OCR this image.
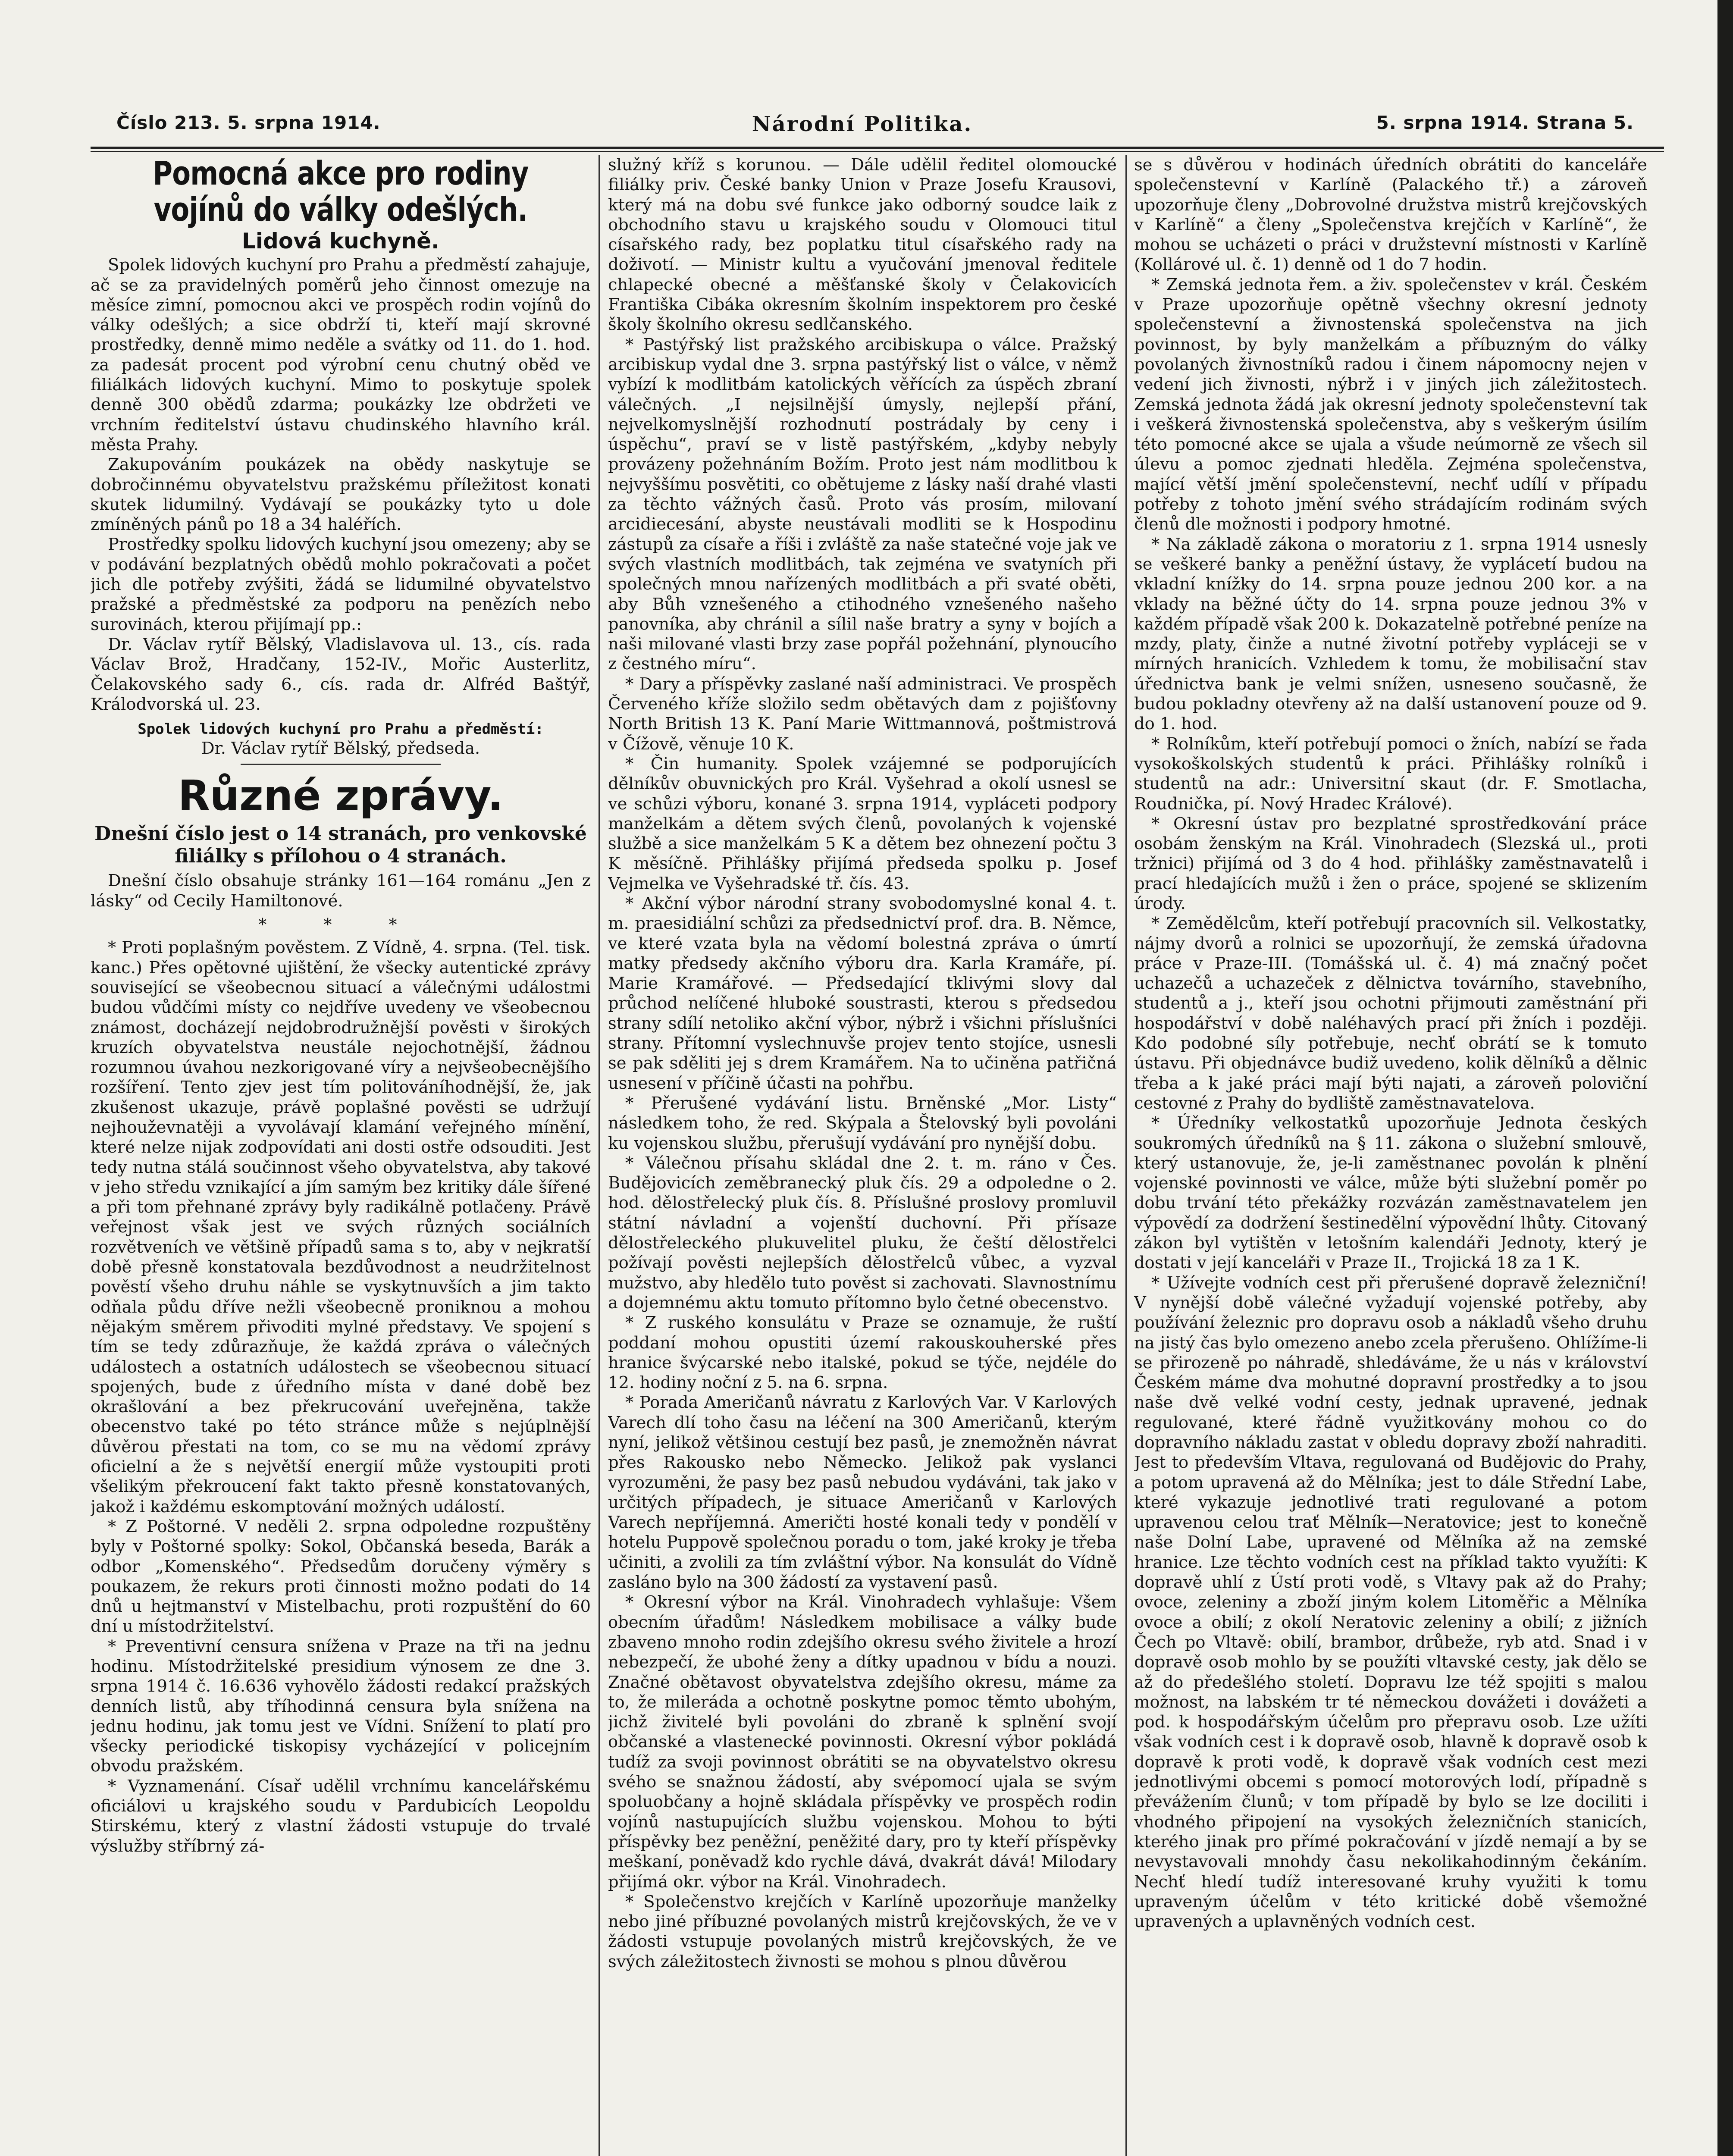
Číslo 213. 5. srpna 1914.	Národní Politika.	5. srpna 1914. Strana 5.
Pomocná akce pro rodiny vojínů do války odešlých.
Lidová kuchyně.

Spolek lidových kuchyní pro Prahu a předměstí zahajuje, ač se za pravidelných poměrů jeho činnost omezuje na měsíce zimní, pomocnou akci ve prospěch rodin vojínů do války odešlých; a sice obdrží ti, kteří mají skrovné prostředky, denně mimo neděle a svátky od 11. do 1. hod. za padesát procent pod výrobní cenu chutný oběd ve filiálkách lidových kuchyní. Mimo to poskytuje spolek denně 300 obědů zdarma; poukázky lze obdržeti ve vrchním ředitelství ústavu chudinského hlavního král. města Prahy.

Zakupováním poukázek na obědy naskytuje se dobročinnému obyvatelstvu pražskému příležitost konati skutek lidumilný. Vydávají se poukázky tyto u dole zmíněných pánů po 18 a 34 haléřích.

Prostředky spolku lidových kuchyní jsou omezeny; aby se v podávání bezplatných obědů mohlo pokračovati a počet jich dle potřeby zvýšiti, žádá se lidumilné obyvatelstvo pražské a předměstské za podporu na penězích nebo surovinách, kterou přijímají pp.:

Dr. Václav rytíř Bělský, Vladislavova ul. 13., cís. rada Václav Brož, Hradčany, 152-IV., Mořic Austerlitz, Čelakovského sady 6., cís. rada dr. Alfréd Baštýř, Králodvorská ul. 23.

Spolek lidových kuchyní pro Prahu a předměstí:
Dr. Václav rytíř Bělský, předseda.
Různé zprávy.
Dnešní číslo jest o 14 stranách, pro venkovské filiálky s přílohou o 4 stranách.

Dnešní číslo obsahuje stránky 161—164 románu „Jen z lásky“ od Cecily Hamiltonové.

* * *

* Proti poplašným pověstem. Z Vídně, 4. srpna. (Tel. tisk. kanc.) Přes opětovné ujištění, že všecky autentické zprávy související se všeobecnou situací a válečnými událostmi budou vůdčími místy co nejdříve uvedeny ve všeobecnou známost, docházejí nejdobrodružnější pověsti v širokých kruzích obyvatelstva neustále nejochotnější, žádnou rozumnou úvahou nezkorigované víry a nejvšeobecnějšího rozšíření. Tento zjev jest tím politováníhodnější, že, jak zkušenost ukazuje, právě poplašné pověsti se udržují nejhouževnatěji a vyvolávají klamání veřejného mínění, které nelze nijak zodpovídati ani dosti ostře odsouditi. Jest tedy nutna stálá součinnost všeho obyvatelstva, aby takové v jeho středu vznikající a jím samým bez kritiky dále šířené a při tom přehnané zprávy byly radikálně potlačeny. Právě veřejnost však jest ve svých různých sociálních rozvětveních ve většině případů sama s to, aby v nejkratší době přesně konstatovala bezdůvodnost a neudržitelnost pověstí všeho druhu náhle se vyskytnuvších a jim takto odňala půdu dříve nežli všeobecně proniknou a mohou nějakým směrem přivoditi mylné představy. Ve spojení s tím se tedy zdůrazňuje, že každá zpráva o válečných událostech a ostatních událostech se všeobecnou situací spojených, bude z úředního místa v dané době bez okrašlování a bez překrucování uveřejněna, takže obecenstvo také po této stránce může s nejúplnější důvěrou přestati na tom, co se mu na vědomí zprávy oficielní a že s největší energií může vystoupiti proti všelikým překroucení fakt takto přesně konstatovaných, jakož i každému eskomptování možných událostí.

* Z Poštorné. V neděli 2. srpna odpoledne rozpuštěny byly v Poštorné spolky: Sokol, Občanská beseda, Barák a odbor „Komenského“. Předsedům doručeny výměry s poukazem, že rekurs proti činnosti možno podati do 14 dnů u hejtmanství v Mistelbachu, proti rozpuštění do 60 dní u místodržitelství.

* Preventivní censura snížena v Praze na tři na jednu hodinu. Místodržitelské presidium výnosem ze dne 3. srpna 1914 č. 16.636 vyhovělo žádosti redakcí pražských denních listů, aby tříhodinná censura byla snížena na jednu hodinu, jak tomu jest ve Vídni. Snížení to platí pro všecky periodické tiskopisy vycházející v policejním obvodu pražském.

* Vyznamenání. Císař udělil vrchnímu kancelářskému oficiálovi u krajského soudu v Pardubicích Leopoldu Stirskému, který z vlastní žádosti vstupuje do trvalé výslužby stříbrný zá-

služný kříž s korunou. — Dále udělil ředitel olomoucké filiálky priv. České banky Union v Praze Josefu Krausovi, který má na dobu své funkce jako odborný soudce laik z obchodního stavu u krajského soudu v Olomouci titul císařského rady, bez poplatku titul císařského rady na doživotí. — Ministr kultu a vyučování jmenoval ředitele chlapecké obecné a měšťanské školy v Čelakovicích Františka Cibáka okresním školním inspektorem pro české školy školního okresu sedlčanského.

* Pastýřský list pražského arcibiskupa o válce. Pražský arcibiskup vydal dne 3. srpna pastýřský list o válce, v němž vybízí k modlitbám katolických věřících za úspěch zbraní válečných. „I nejsilnější úmysly, nejlepší přání, nejvelkomyslnější rozhodnutí postrádaly by ceny i úspěchu“, praví se v listě pastýřském, „kdyby nebyly provázeny požehnáním Božím. Proto jest nám modlitbou k nejvyššímu posvětiti, co obětujeme z lásky naší drahé vlasti za těchto vážných časů. Proto vás prosím, milovaní arcidiecesání, abyste neustávali modliti se k Hospodinu zástupů za císaře a říši i zvláště za naše statečné voje jak ve svých vlastních modlitbách, tak zejména ve svatyních při společných mnou nařízených modlitbách a při svaté oběti, aby Bůh vznešeného a ctihodného vznešeného našeho panovníka, aby chránil a sílil naše bratry a syny v bojích a naši milované vlasti brzy zase popřál požehnání, plynoucího z čestného míru“.

* Dary a příspěvky zaslané naší administraci. Ve prospěch Červeného kříže složilo sedm obětavých dam z pojišťovny North British 13 K. Paní Marie Wittmannová, poštmistrová v Čížově, věnuje 10 K.

* Čin humanity. Spolek vzájemné se podporujících dělníkův obuvnických pro Král. Vyšehrad a okolí usnesl se ve schůzi výboru, konané 3. srpna 1914, vypláceti podpory manželkám a dětem svých členů, povolaných k vojenské službě a sice manželkám 5 K a dětem bez ohnezení počtu 3 K měsíčně. Přihlášky přijímá předseda spolku p. Josef Vejmelka ve Vyšehradské tř. čís. 43.

* Akční výbor národní strany svobodomyslné konal 4. t. m. praesidiální schůzi za předsednictví prof. dra. B. Němce, ve které vzata byla na vědomí bolestná zpráva o úmrtí matky předsedy akčního výboru dra. Karla Kramáře, pí. Marie Kramářové. — Předsedající tklivými slovy dal průchod nelíčené hluboké soustrasti, kterou s předsedou strany sdílí netoliko akční výbor, nýbrž i všichni příslušníci strany. Přítomní vyslechnuvše projev tento stojíce, usnesli se pak sděliti jej s drem Kramářem. Na to učiněna patřičná usnesení v příčině účasti na pohřbu.

* Přerušené vydávání listu. Brněnské „Mor. Listy“ následkem toho, že red. Skýpala a Štelovský byli povoláni ku vojenskou službu, přerušují vydávání pro nynější dobu.

* Válečnou přísahu skládal dne 2. t. m. ráno v Čes. Budějovicích zeměbranecký pluk čís. 29 a odpoledne o 2. hod. dělostřelecký pluk čís. 8. Příslušné proslovy promluvil státní návladní a vojenští duchovní. Při přísaze dělostřeleckého plukuvelitel pluku, že čeští dělostřelci požívají pověsti nejlepších dělostřelců vůbec, a vyzval mužstvo, aby hledělo tuto pověst si zachovati. Slavnostnímu a dojemnému aktu tomuto přítomno bylo četné obecenstvo.

* Z ruského konsulátu v Praze se oznamuje, že ruští poddaní mohou opustiti území rakouskouherské přes hranice švýcarské nebo italské, pokud se týče, nejdéle do 12. hodiny noční z 5. na 6. srpna.

* Porada Američanů návratu z Karlových Var. V Karlových Varech dlí toho času na léčení na 300 Američanů, kterým nyní, jelikož většinou cestují bez pasů, je znemožněn návrat přes Rakousko nebo Německo. Jelikož pak vyslanci vyrozuměni, že pasy bez pasů nebudou vydáváni, tak jako v určitých případech, je situace Američanů v Karlových Varech nepříjemná. Američti hosté konali tedy v pondělí v hotelu Puppově společnou poradu o tom, jaké kroky je třeba učiniti, a zvolili za tím zvláštní výbor. Na konsulát do Vídně zasláno bylo na 300 žádostí za vystavení pasů.

* Okresní výbor na Král. Vinohradech vyhlašuje: Všem obecním úřadům! Následkem mobilisace a války bude zbaveno mnoho rodin zdejšího okresu svého živitele a hrozí nebezpečí, že ubohé ženy a dítky upadnou v bídu a nouzi. Značné obětavost obyvatelstva zdejšího okresu, máme za to, že mileráda a ochotně poskytne pomoc těmto ubohým, jichž živitelé byli povoláni do zbraně k splnění svojí občanské a vlastenecké povinnosti. Okresní výbor pokládá tudíž za svoji povinnost obrátiti se na obyvatelstvo okresu svého se snažnou žádostí, aby svépomocí ujala se svým spoluobčany a hojně skládala příspěvky ve prospěch rodin vojínů nastupujících službu vojenskou. Mohou to býti příspěvky bez peněžní, peněžité dary, pro ty kteří příspěvky meškaní, poněvadž kdo rychle dává, dvakrát dává! Milodary přijímá okr. výbor na Král. Vinohradech.

* Společenstvo krejčích v Karlíně upozorňuje manželky nebo jiné příbuzné povolaných mistrů krejčovských, že ve v žádosti vstupuje povolaných mistrů krejčovských, že ve svých záležitostech živnosti se mohou s plnou důvěrou

se s důvěrou v hodinách úředních obrátiti do kanceláře společenstevní v Karlíně (Palackého tř.) a zároveň upozorňuje členy „Dobrovolné družstva mistrů krejčovských v Karlíně“ a členy „Společenstva krejčích v Karlíně“, že mohou se ucházeti o práci v družstevní místnosti v Karlíně (Kollárové ul. č. 1) denně od 1 do 7 hodin.

* Zemská jednota řem. a živ. společenstev v král. Českém v Praze upozorňuje opětně všechny okresní jednoty společenstevní a živnostenská společenstva na jich povinnost, by byly manželkám a příbuzným do války povolaných živnostníků radou i činem nápomocny nejen v vedení jich živnosti, nýbrž i v jiných jich záležitostech. Zemská jednota žádá jak okresní jednoty společenstevní tak i veškerá živnostenská společenstva, aby s veškerým úsilím této pomocné akce se ujala a všude neúmorně ze všech sil úlevu a pomoc zjednati hleděla. Zejména společenstva, mající větší jmění společenstevní, nechť udílí v případu potřeby z tohoto jmění svého strádajícím rodinám svých členů dle možnosti i podpory hmotné.

* Na základě zákona o moratoriu z 1. srpna 1914 usnesly se veškeré banky a peněžní ústavy, že vyplácetí budou na vkladní knížky do 14. srpna pouze jednou 200 kor. a na vklady na běžné účty do 14. srpna pouze jednou 3% v každém případě však 200 k. Dokazatelně potřebné peníze na mzdy, platy, činže a nutné životní potřeby vypláceji se v mírných hranicích. Vzhledem k tomu, že mobilisační stav úřednictva bank je velmi snížen, usneseno současně, že budou pokladny otevřeny až na další ustanovení pouze od 9. do 1. hod.

* Rolníkům, kteří potřebují pomoci o žních, nabízí se řada vysokoškolských studentů k práci. Přihlášky rolníků i studentů na adr.: Universitní skaut (dr. F. Smotlacha, Roudnička, pí. Nový Hradec Králové).

* Okresní ústav pro bezplatné sprostředkování práce osobám ženským na Král. Vinohradech (Slezská ul., proti tržnici) přijímá od 3 do 4 hod. přihlášky zaměstnavatelů i prací hledajících mužů i žen o práce, spojené se sklizením úrody.

* Zemědělcům, kteří potřebují pracovních sil. Velkostatky, nájmy dvorů a rolnici se upozorňují, že zemská úřadovna práce v Praze-III. (Tomášská ul. č. 4) má značný počet uchazečů a uchazeček z dělnictva továrního, stavebního, studentů a j., kteří jsou ochotni přijmouti zaměstnání při hospodářství v době naléhavých prací při žních i později. Kdo podobné síly potřebuje, nechť obrátí se k tomuto ústavu. Při objednávce budiž uvedeno, kolik dělníků a dělnic třeba a k jaké práci mají býti najati, a zároveň poloviční cestovné z Prahy do bydliště zaměstnavatelova.

* Úředníky velkostatků upozorňuje Jednota českých soukromých úředníků na § 11. zákona o služební smlouvě, který ustanovuje, že, je-li zaměstnanec povolán k plnění vojenské povinnosti ve válce, může býti služební poměr po dobu trvání této překážky rozvázán zaměstnavatelem jen výpovědí za dodržení šestinedělní výpovědní lhůty. Citovaný zákon byl vytištěn v letošním kalendáři Jednoty, který je dostati v její kanceláři v Praze II., Trojická 18 za 1 K.

* Užívejte vodních cest při přerušené dopravě železniční! V nynější době válečné vyžadují vojenské potřeby, aby používání železnic pro dopravu osob a nákladů všeho druhu na jistý čas bylo omezeno anebo zcela přerušeno. Ohlížíme-li se přirozeně po náhradě, shledáváme, že u nás v království Českém máme dva mohutné dopravní prostředky a to jsou naše dvě velké vodní cesty, jednak upravené, jednak regulované, které řádně využitkovány mohou co do dopravního nákladu zastat v obledu dopravy zboží nahraditi. Jest to především Vltava, regulovaná od Budějovic do Prahy, a potom upravená až do Mělníka; jest to dále Střední Labe, které vykazuje jednotlivé trati regulované a potom upravenou celou trať Mělník—Neratovice; jest to konečně naše Dolní Labe, upravené od Mělníka až na zemské hranice. Lze těchto vodních cest na příklad takto využíti: K dopravě uhlí z Ústí proti vodě, s Vltavy pak až do Prahy; ovoce, zeleniny a zboží jiným kolem Litoměřic a Mělníka ovoce a obilí; z okolí Neratovic zeleniny a obilí; z jižních Čech po Vltavě: obilí, brambor, drůbeže, ryb atd. Snad i v dopravě osob mohlo by se použíti vltavské cesty, jak dělo se až do předešlého století. Dopravu lze též spojiti s malou možnost, na labském tr té německou dovážeti i dovážeti a pod. k hospodářským účelům pro přepravu osob. Lze užíti však vodních cest i k dopravě osob, hlavně k dopravě osob k dopravě k proti vodě, k dopravě však vodních cest mezi jednotlivými obcemi s pomocí motorových lodí, případně s převážením člunů; v tom případě by bylo se lze dociliti i vhodného připojení na vysokých železničních stanicích, kterého jinak pro přímé pokračování v jízdě nemají a by se nevystavovali mnohdy času nekolikahodinným čekáním. Nechť hledí tudíž interesované kruhy využiti k tomu upraveným účelům v této kritické době všemožné upravených a uplavněných vodních cest.
